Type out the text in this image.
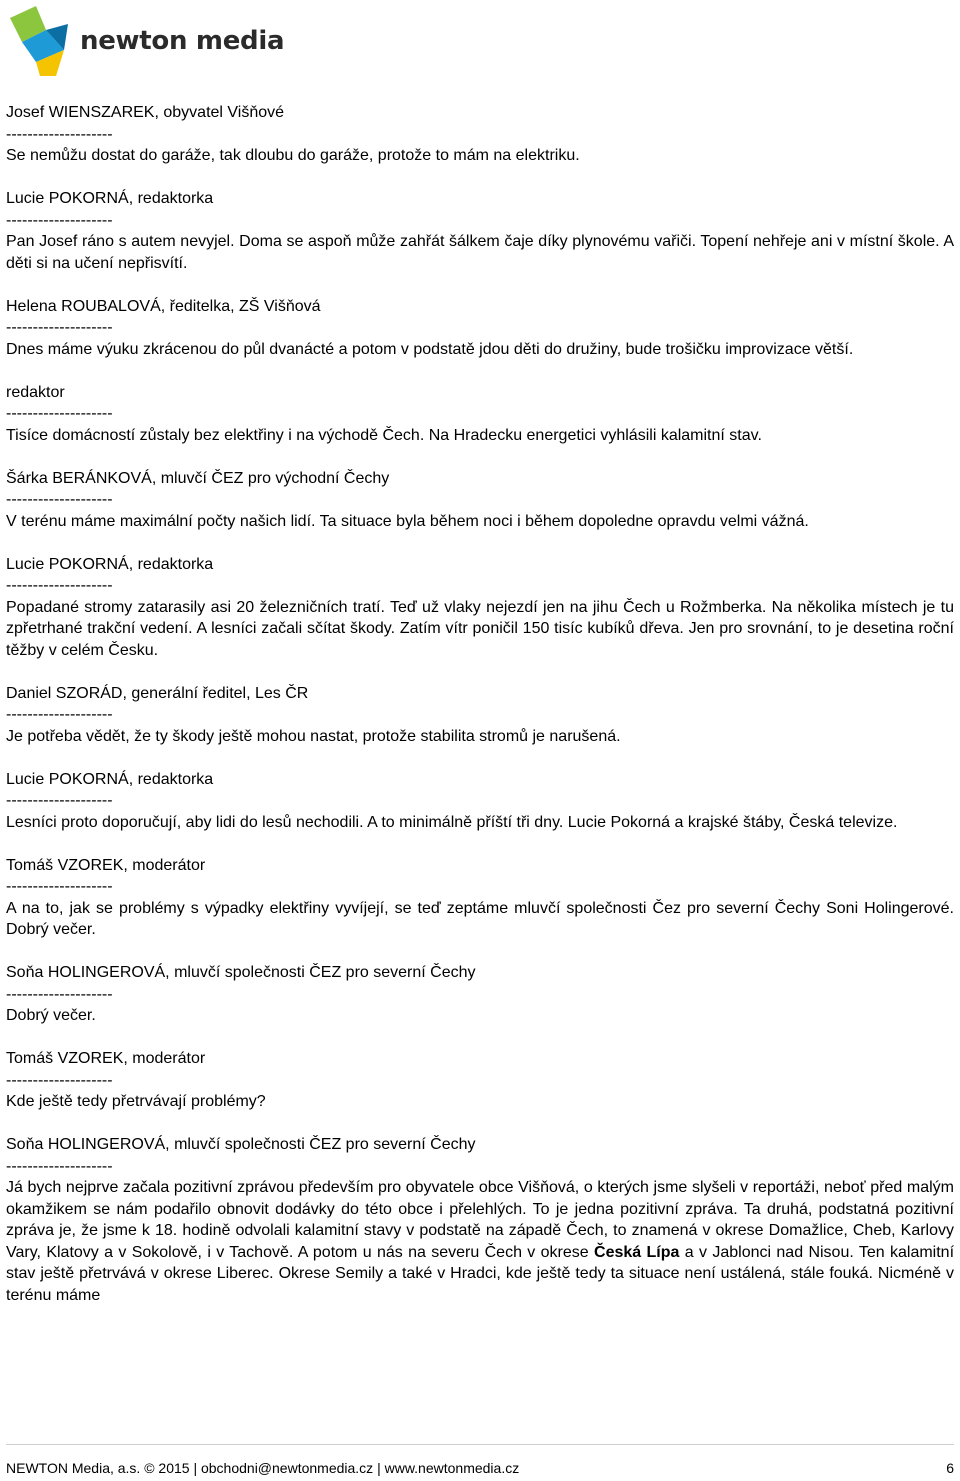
newton media
Josef WIENSZAREK, obyvatel Višňové
--------------------
Se nemůžu dostat do garáže, tak dloubu do garáže, protože to mám na elektriku.
Lucie POKORNÁ, redaktorka
--------------------
Pan Josef ráno s autem nevyjel. Doma se aspoň může zahřát šálkem čaje díky plynovému vařiči. Topení nehřeje ani v místní škole. A děti si na učení nepřisvítí.
Helena ROUBALOVÁ, ředitelka, ZŠ Višňová
--------------------
Dnes máme výuku zkrácenou do půl dvanácté a potom v podstatě jdou děti do družiny, bude trošičku improvizace větší.
redaktor
--------------------
Tisíce domácností zůstaly bez elektřiny i na východě Čech. Na Hradecku energetici vyhlásili kalamitní stav.
Šárka BERÁNKOVÁ, mluvčí ČEZ pro východní Čechy
--------------------
V terénu máme maximální počty našich lidí. Ta situace byla během noci i během dopoledne opravdu velmi vážná.
Lucie POKORNÁ, redaktorka
--------------------
Popadané stromy zatarasily asi 20 železničních tratí. Teď už vlaky nejezdí jen na jihu Čech u Rožmberka. Na několika místech je tu zpřetrhané trakční vedení. A lesníci začali sčítat škody. Zatím vítr poničil 150 tisíc kubíků dřeva. Jen pro srovnání, to je desetina roční těžby v celém Česku.
Daniel SZORÁD, generální ředitel, Les ČR
--------------------
Je potřeba vědět, že ty škody ještě mohou nastat, protože stabilita stromů je narušená.
Lucie POKORNÁ, redaktorka
--------------------
Lesníci proto doporučují, aby lidi do lesů nechodili. A to minimálně příští tři dny. Lucie Pokorná a krajské štáby, Česká televize.
Tomáš VZOREK, moderátor
--------------------
A na to, jak se problémy s výpadky elektřiny vyvíjejí, se teď zeptáme mluvčí společnosti Čez pro severní Čechy Soni Holingerové. Dobrý večer.
Soňa HOLINGEROVÁ, mluvčí společnosti ČEZ pro severní Čechy
--------------------
Dobrý večer.
Tomáš VZOREK, moderátor
--------------------
Kde ještě tedy přetrvávají problémy?
Soňa HOLINGEROVÁ, mluvčí společnosti ČEZ pro severní Čechy
--------------------
Já bych nejprve začala pozitivní zprávou především pro obyvatele obce Višňová, o kterých jsme slyšeli v reportáži, neboť před malým okamžikem se nám podařilo obnovit dodávky do této obce i přelehlých. To je jedna pozitivní zpráva. Ta druhá, podstatná pozitivní zpráva je, že jsme k 18. hodině odvolali kalamitní stavy v podstatě na západě Čech, to znamená v okrese Domažlice, Cheb, Karlovy Vary, Klatovy a v Sokolově, i v Tachově. A potom u nás na severu Čech v okrese Česká Lípa a v Jablonci nad Nisou. Ten kalamitní stav ještě přetrvává v okrese Liberec. Okrese Semily a také v Hradci, kde ještě tedy ta situace není ustálená, stále fouká. Nicméně v terénu máme
NEWTON Media, a.s. © 2015 | obchodni@newtonmedia.cz | www.newtonmedia.cz	6
